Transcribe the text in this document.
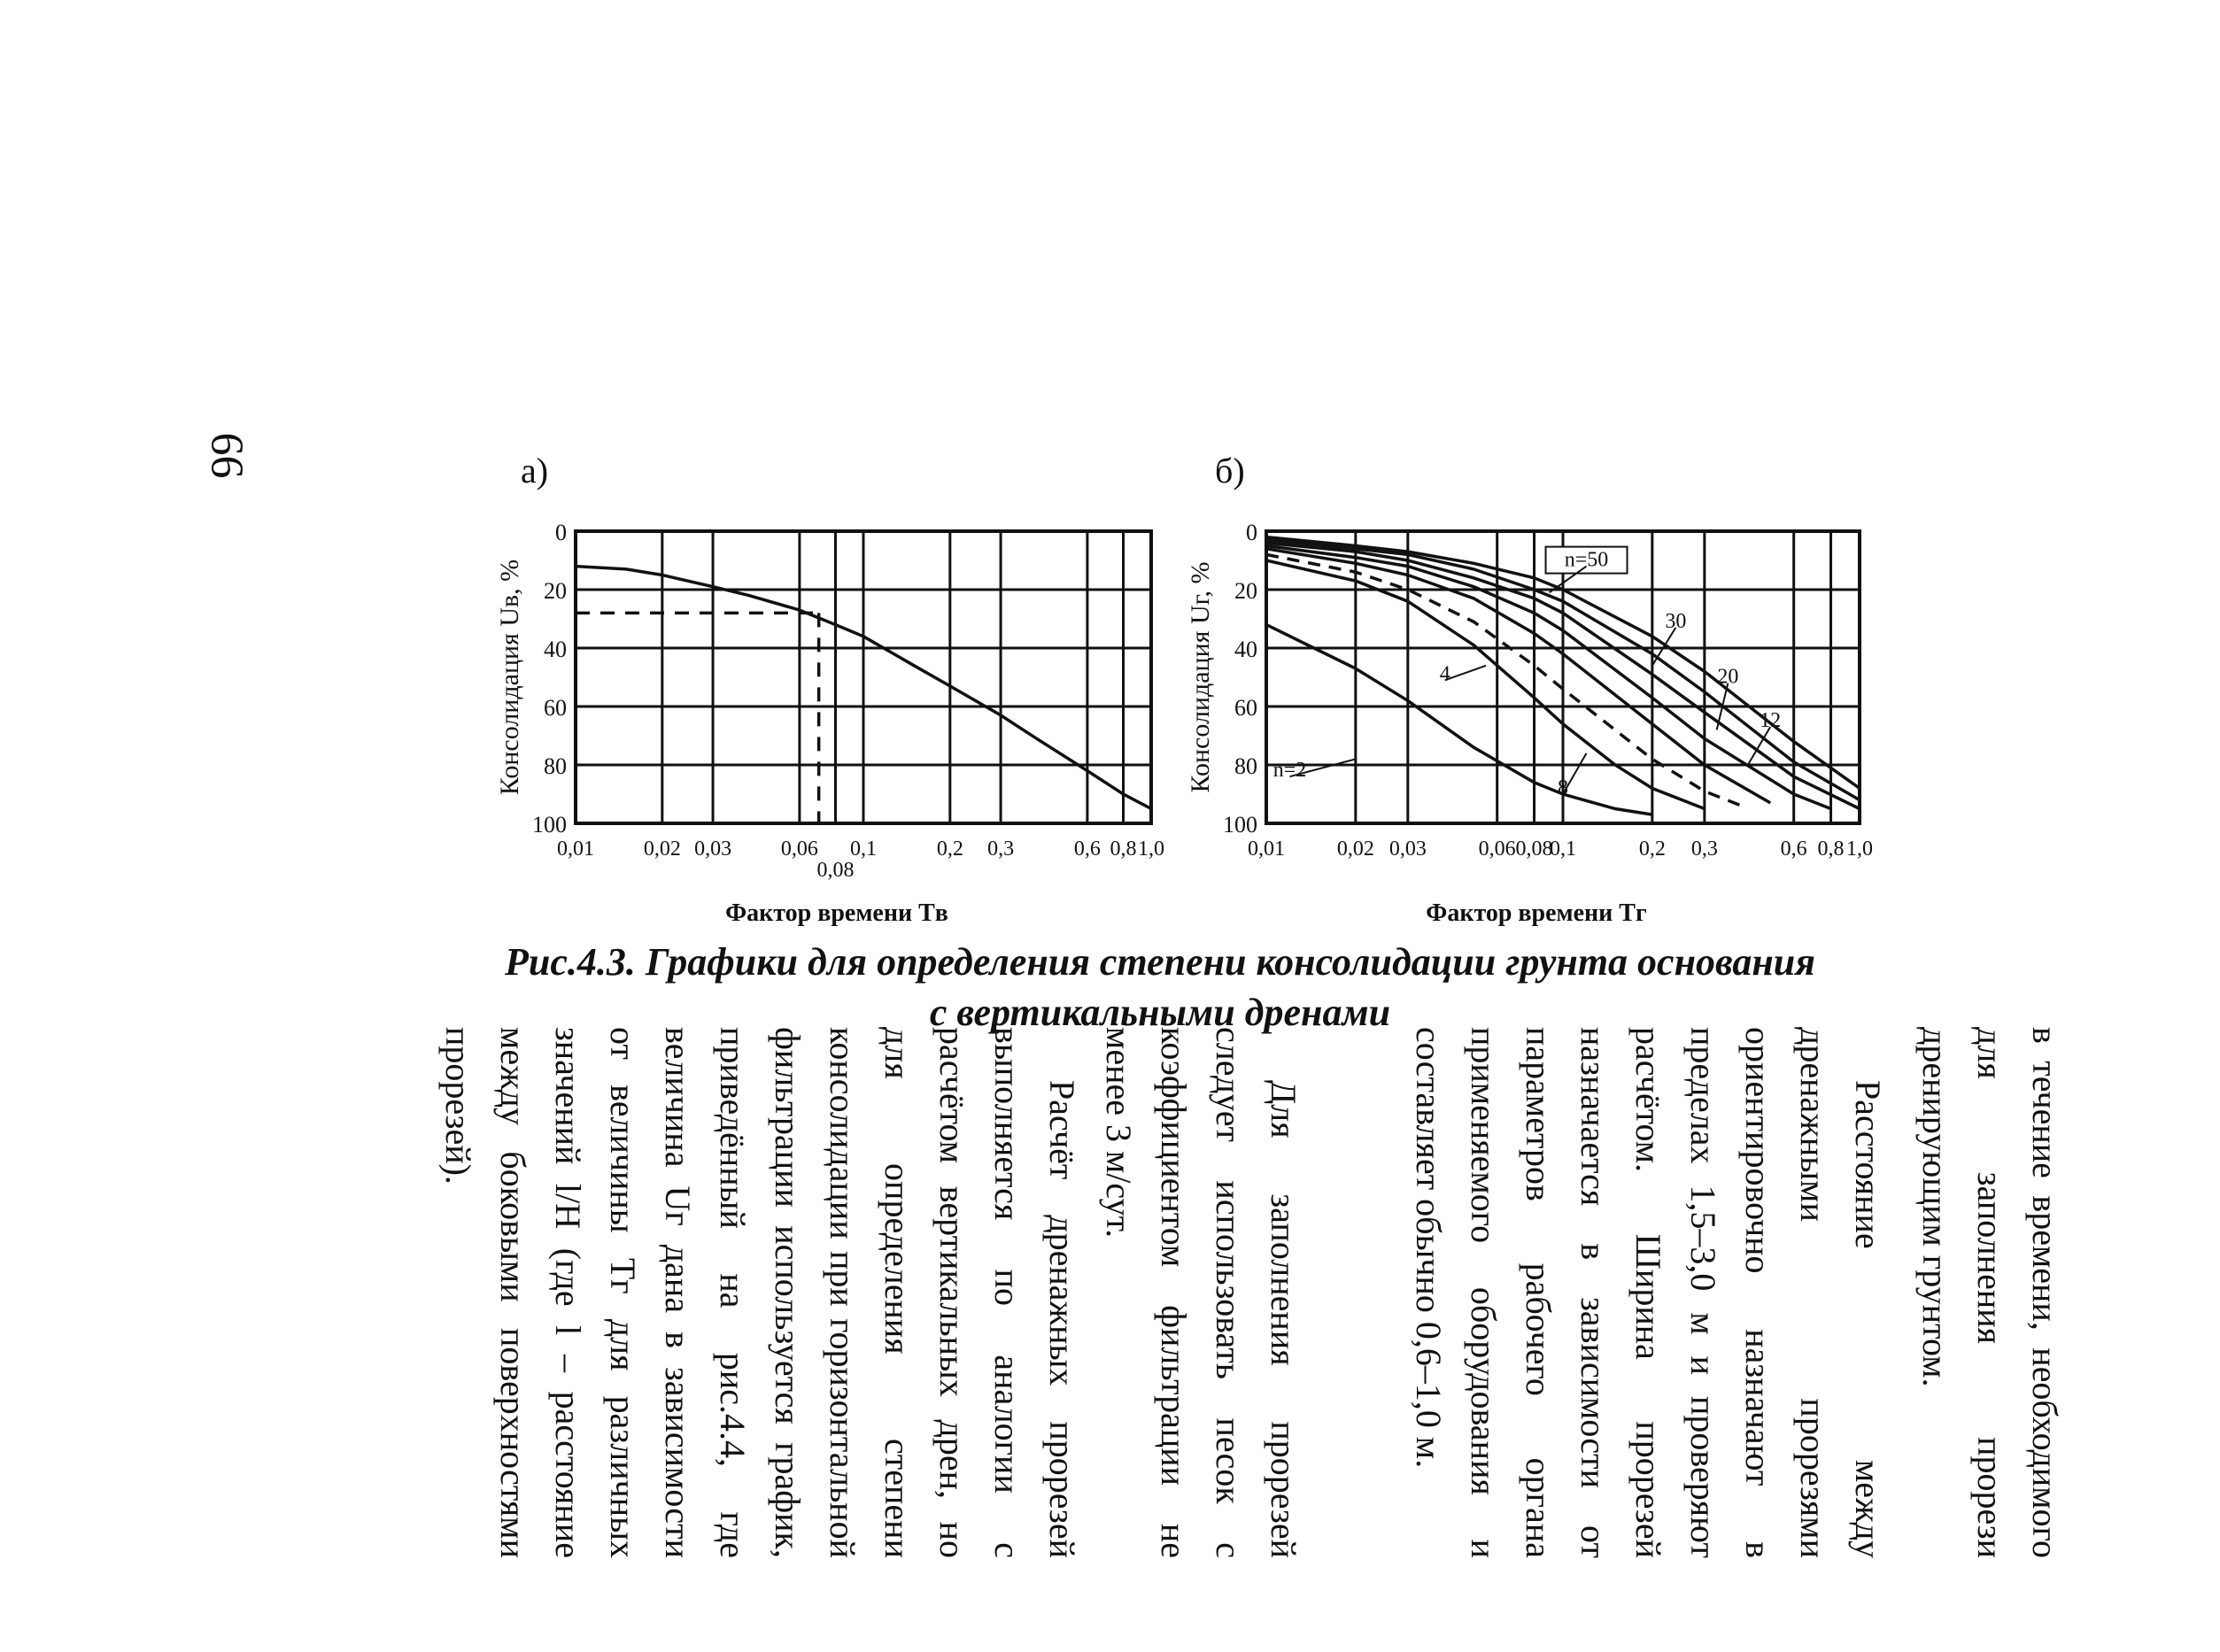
66	а)	б)
0
20
40
60
80
100
0,01 0,02 0,03 0,06
0,08
0,1	0,2 0,3	0,6 0,8 1,0
Фактор времени Tв
Консолидация Uв, %
0
20
40
60
80
100
0,01 0,02 0,03 0,06 0,08
0,1	0,2 0,3	0,6 0,8 1,0
Фактор времени Tг
Консолидация Uг, %	n=2
4
8
12
20
30
n=50
Рис.4.3. Графики для определения степени консолидации грунта основания
с вертикальными дренами

в течение времени, необходимого для заполнения прорези дренирующим грунтом.

Расстояние между дренажными прорезями ориентировочно назначают в пределах 1,5–3,0 м и проверяют расчётом. Ширина прорезей назначается в зависимости от параметров рабочего органа применяемого оборудования и составляет обычно 0,6–1,0 м.

Для заполнения прорезей следует использовать песок с коэффициентом фильтрации не менее 3 м/сут.

Расчёт дренажных прорезей выполняется по аналогии с расчётом вертикальных дрен, но для определения степени консолидации при горизонтальной фильтрации используется график, приведённый на рис.4.4, где величина Uг дана в зависимости от величины Tг для различных значений l/H (где l – расстояние между боковыми поверхностями прорезей).
